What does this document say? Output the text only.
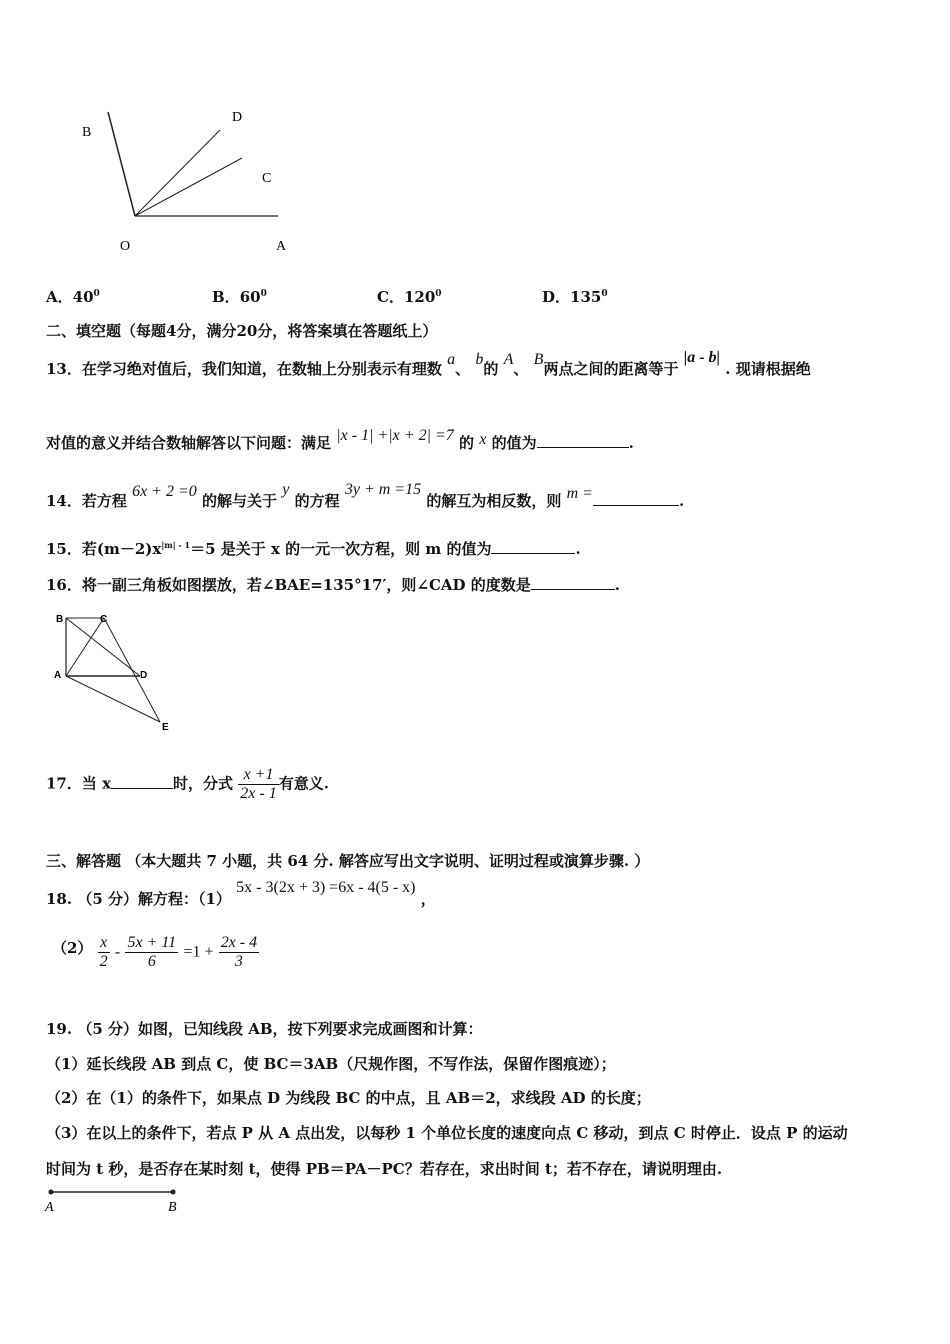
B
D
C
O	A
A．$40^0$	B．$60^0$	C．$120^0$	D．$135^0$
二、填空题（每题4分，满分20分，将答案填在答题纸上）
13．在学习绝对值后，我们知道，在数轴上分别表示有理数 a、 b的 A、 B两点之间的距离等于 |a - b| . 现请根据绝
对值的意义并结合数轴解答以下问题：满足 |x - 1| +|x + 2| =7 的 x 的值为	.
14．若方程 6x + 2 =0 的解与关于 y 的方程 3y + m =15 的解互为相反数，则 m =	.
15．若$(m-2)x^{|m| - 1}=5$ 是关于 x 的一元一次方程，则 m 的值为	.
16．将一副三角板如图摆放，若∠BAE=135°17′，则∠CAD 的度数是	.
B	C
A	D
E
17．当 x	时，分式 $\frac{x +1}{2x - 1}$ 有意义.
三、解答题 （本大题共 7 小题，共 64 分. 解答应写出文字说明、证明过程或演算步骤. ）
18. （5 分）解方程：（1） 5x - 3(2x + 3) =6x - 4(5 - x) ，
$(2) \frac{x}{2} - \frac{5x + 11}{6} =1 + \frac{2x - 4}{3}$
19. （5 分）如图，已知线段 AB，按下列要求完成画图和计算：
（1）延长线段 AB 到点 C，使 BC＝3AB（尺规作图，不写作法，保留作图痕迹）；
（2）在（1）的条件下，如果点 D 为线段 BC 的中点，且 AB＝2，求线段 AD 的长度；
（3）在以上的条件下，若点 P 从 A 点出发，以每秒 1 个单位长度的速度向点 C 移动，到点 C 时停止．设点 P 的运动
时间为 t 秒，是否存在某时刻 t，使得 PB＝PA－PC？若存在，求出时间 t；若不存在，请说明理由.
A	B
